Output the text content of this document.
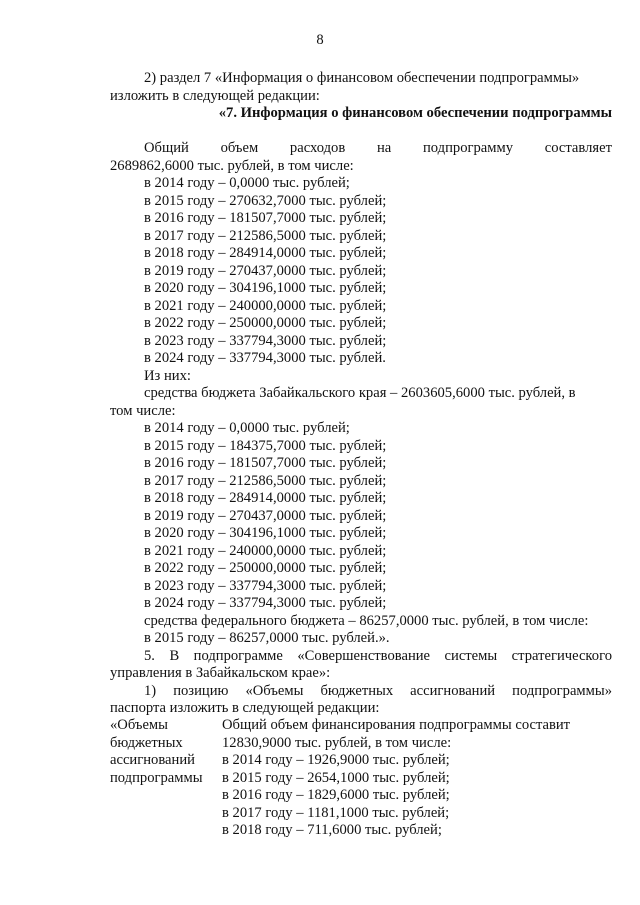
8

2) раздел 7 «Информация о финансовом обеспечении подпрограммы»

изложить в следующей редакции:

«7. Информация о финансовом обеспечении подпрограммы

Общий объем расходов на подпрограмму составляет

2689862,6000 тыс. рублей, в том числе:

в 2014 году – 0,0000 тыс. рублей;
в 2015 году – 270632,7000 тыс. рублей;
в 2016 году – 181507,7000 тыс. рублей;
в 2017 году – 212586,5000 тыс. рублей;
в 2018 году – 284914,0000 тыс. рублей;
в 2019 году – 270437,0000 тыс. рублей;
в 2020 году – 304196,1000 тыс. рублей;
в 2021 году – 240000,0000 тыс. рублей;
в 2022 году – 250000,0000 тыс. рублей;
в 2023 году – 337794,3000 тыс. рублей;
в 2024 году – 337794,3000 тыс. рублей.

Из них:

средства бюджета Забайкальского края – 2603605,6000 тыс. рублей, в

том числе:

в 2014 году – 0,0000 тыс. рублей;
в 2015 году – 184375,7000 тыс. рублей;
в 2016 году – 181507,7000 тыс. рублей;
в 2017 году – 212586,5000 тыс. рублей;
в 2018 году – 284914,0000 тыс. рублей;
в 2019 году – 270437,0000 тыс. рублей;
в 2020 году – 304196,1000 тыс. рублей;
в 2021 году – 240000,0000 тыс. рублей;
в 2022 году – 250000,0000 тыс. рублей;
в 2023 году – 337794,3000 тыс. рублей;
в 2024 году – 337794,3000 тыс. рублей;

средства федерального бюджета – 86257,0000 тыс. рублей, в том числе:

в 2015 году – 86257,0000 тыс. рублей.».

5. В подпрограмме «Совершенствование системы стратегического

управления в Забайкальском крае»:

1) позицию «Объемы бюджетных ассигнований подпрограммы»

паспорта изложить в следующей редакции:

«Объемы
бюджетных
ассигнований
подпрограммы
Общий объем финансирования подпрограммы составит
12830,9000 тыс. рублей, в том числе:
в 2014 году – 1926,9000 тыс. рублей;
в 2015 году – 2654,1000 тыс. рублей;
в 2016 году – 1829,6000 тыс. рублей;
в 2017 году – 1181,1000 тыс. рублей;
в 2018 году – 711,6000 тыс. рублей;
